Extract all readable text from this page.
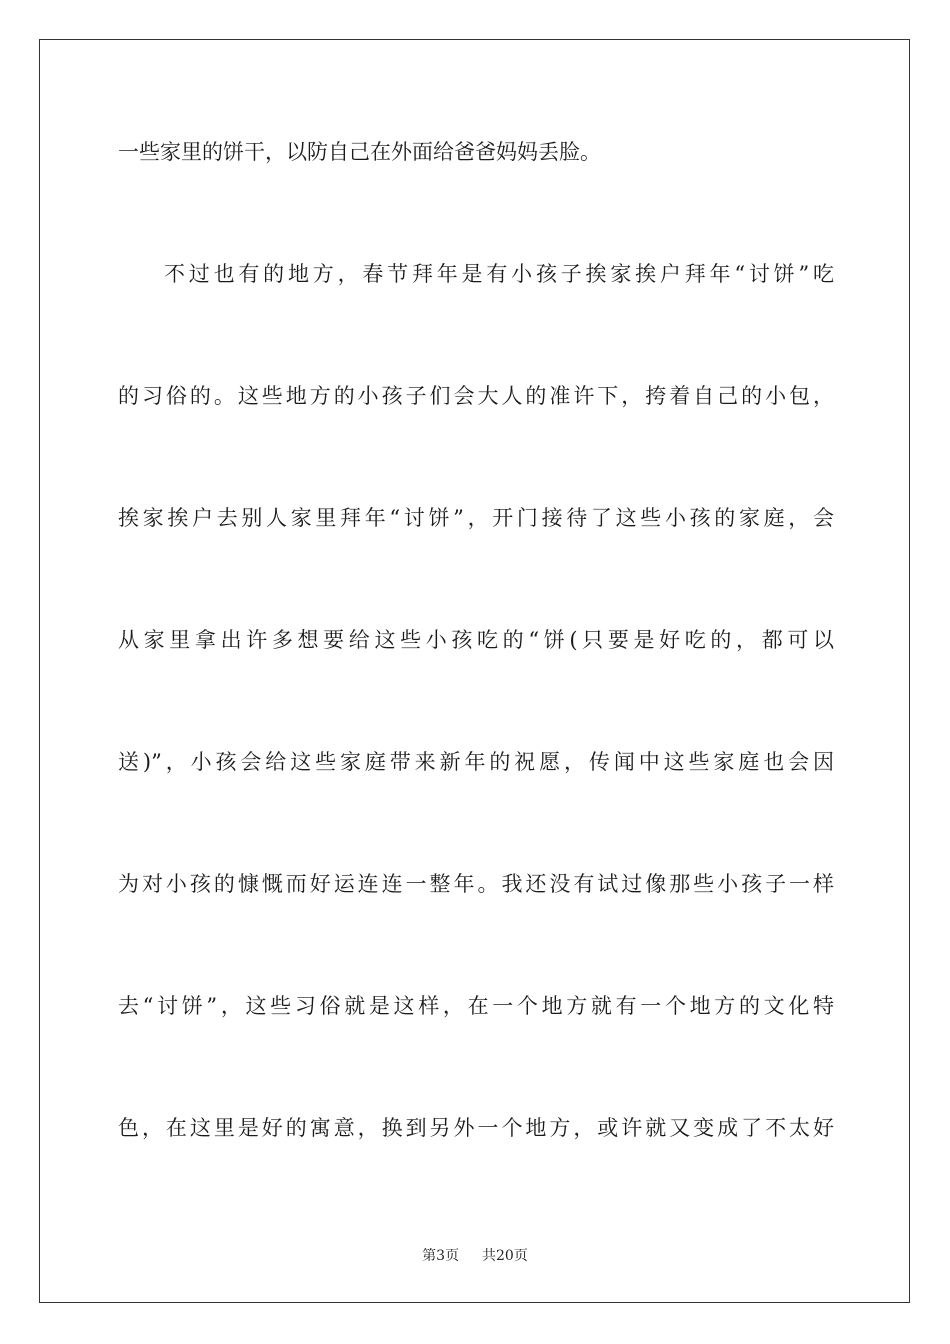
一些家里的饼干，以防自己在外面给爸爸妈妈丢脸。
不过也有的地方，春节拜年是有小孩子挨家挨户拜年“讨饼”吃
的习俗的。这些地方的小孩子们会大人的准许下，挎着自己的小包，
挨家挨户去别人家里拜年“讨饼”，开门接待了这些小孩的家庭，会
从家里拿出许多想要给这些小孩吃的“饼(只要是好吃的，都可以
送)”，小孩会给这些家庭带来新年的祝愿，传闻中这些家庭也会因
为对小孩的慷慨而好运连连一整年。我还没有试过像那些小孩子一样
去“讨饼”，这些习俗就是这样，在一个地方就有一个地方的文化特
色，在这里是好的寓意，换到另外一个地方，或许就又变成了不太好
第3页 共20页
